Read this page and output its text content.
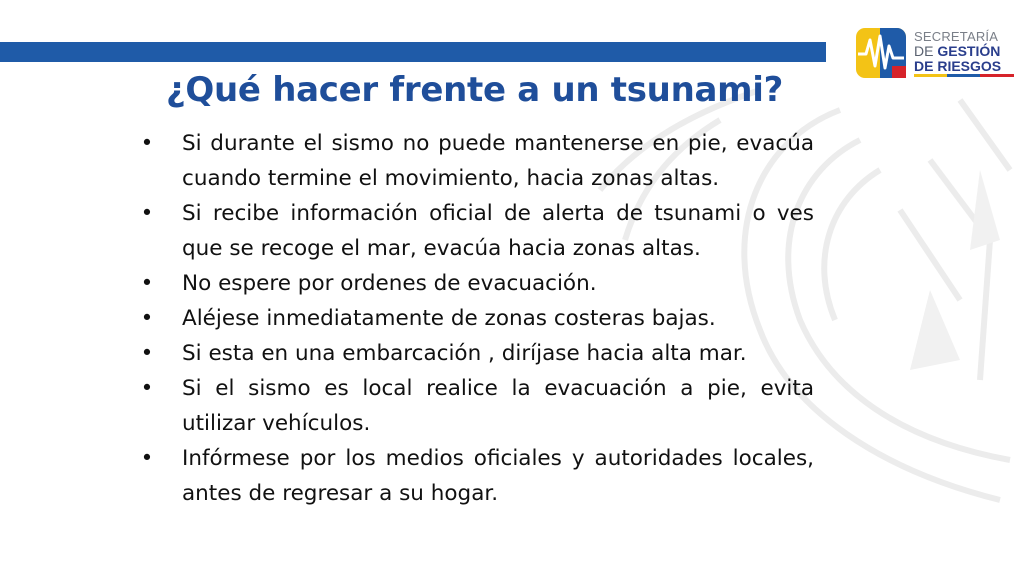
SECRETARÍA
DE GESTIÓN
DE RIESGOS
¿Qué hacer frente a un tsunami?
• Si durante el sismo no puede mantenerse en pie, evacúa cuando termine el movimiento, hacia zonas altas.
• Si recibe información oficial de alerta de tsunami o ves que se recoge el mar, evacúa hacia zonas altas.
• No espere por ordenes de evacuación.
• Aléjese inmediatamente de zonas costeras bajas.
• Si esta en una embarcación , diríjase hacia alta mar.
• Si el sismo es local realice la evacuación a pie, evita utilizar vehículos.
• Infórmese por los medios oficiales y autoridades locales, antes de regresar a su hogar.
